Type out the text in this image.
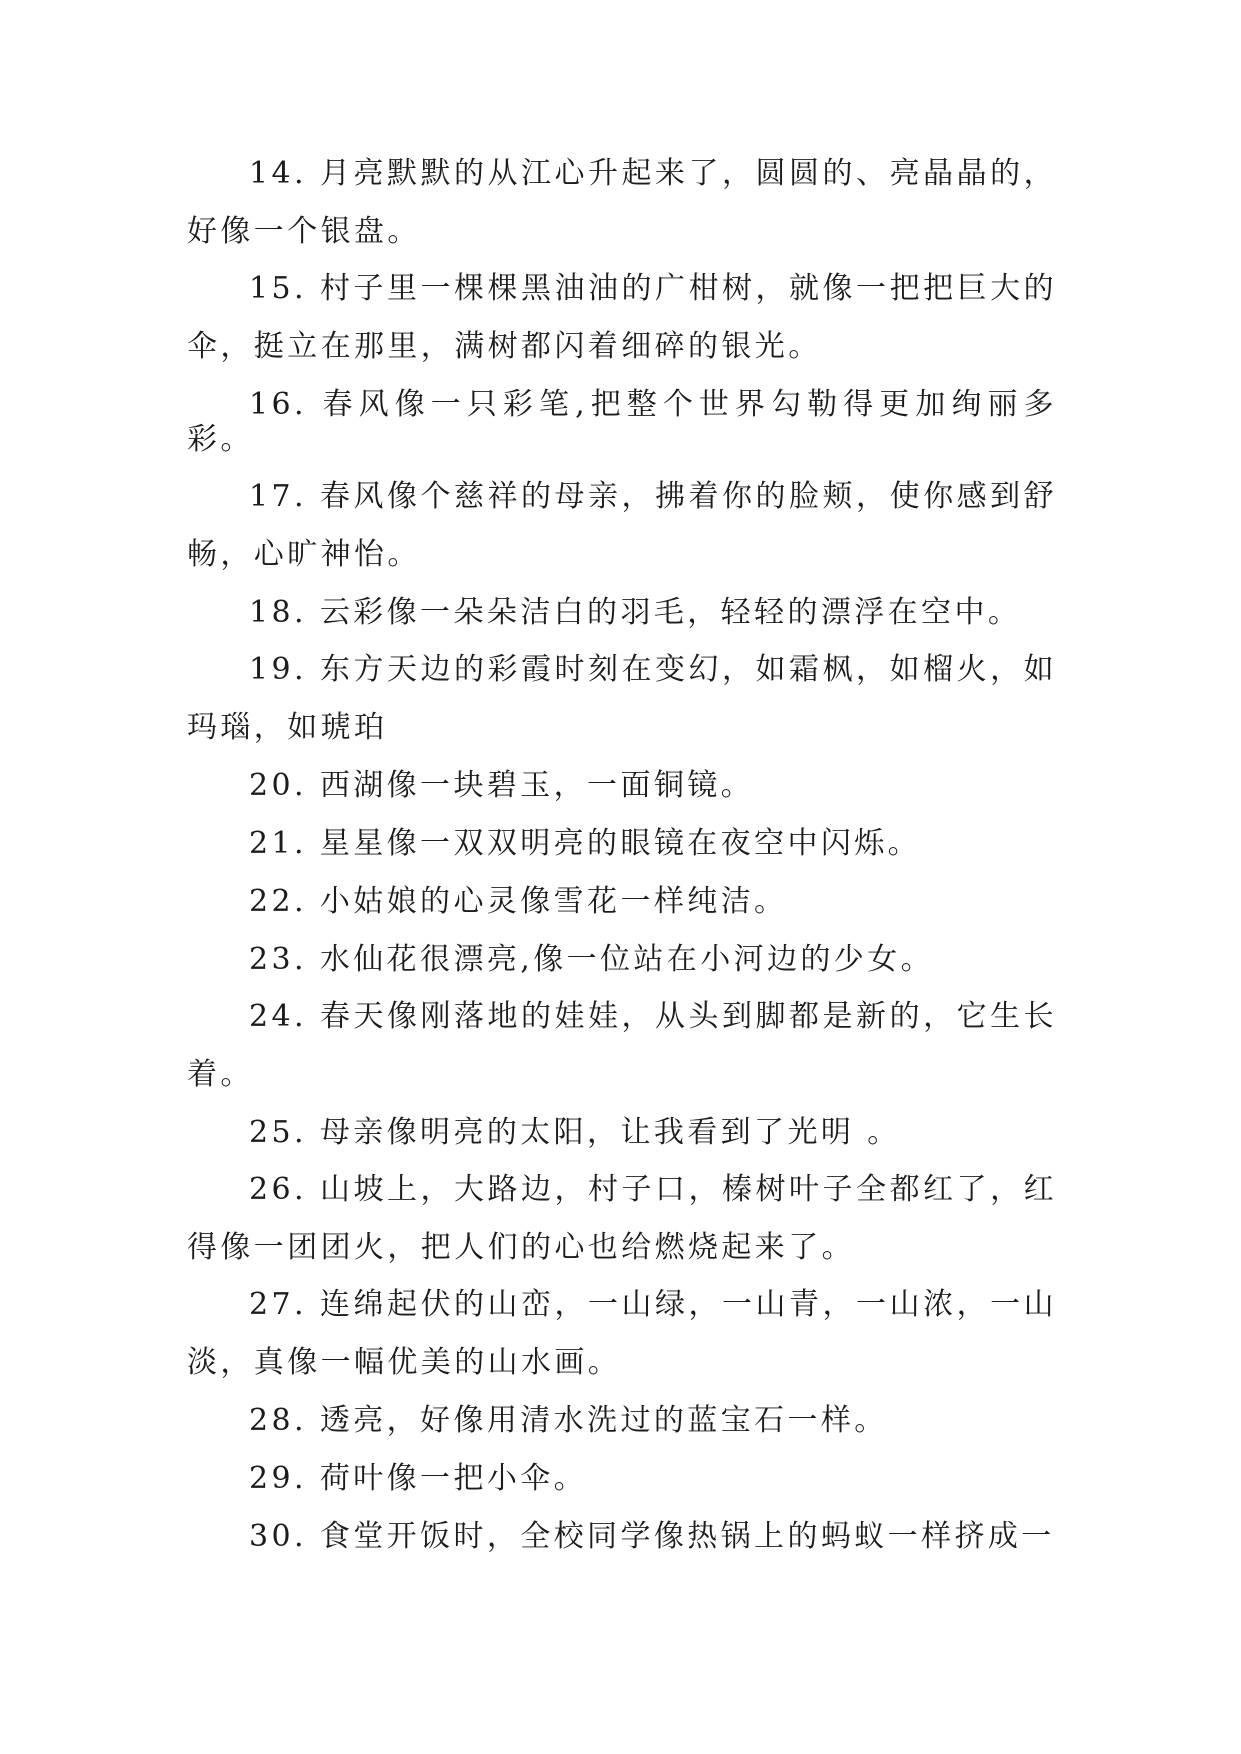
14. 月亮默默的从江心升起来了，圆圆的、亮晶晶的，好像一个银盘。

15. 村子里一棵棵黑油油的广柑树，就像一把把巨大的伞，挺立在那里，满树都闪着细碎的银光。

16. 春风像一只彩笔,把整个世界勾勒得更加绚丽多彩。

17. 春风像个慈祥的母亲，拂着你的脸颊，使你感到舒畅，心旷神怡。

18. 云彩像一朵朵洁白的羽毛，轻轻的漂浮在空中。

19. 东方天边的彩霞时刻在变幻，如霜枫，如榴火，如玛瑙，如琥珀

20. 西湖像一块碧玉，一面铜镜。

21. 星星像一双双明亮的眼镜在夜空中闪烁。

22. 小姑娘的心灵像雪花一样纯洁。

23. 水仙花很漂亮,像一位站在小河边的少女。

24. 春天像刚落地的娃娃，从头到脚都是新的，它生长着。

25. 母亲像明亮的太阳，让我看到了光明 。

26. 山坡上，大路边，村子口，榛树叶子全都红了，红得像一团团火，把人们的心也给燃烧起来了。

27. 连绵起伏的山峦，一山绿，一山青，一山浓，一山淡，真像一幅优美的山水画。

28. 透亮，好像用清水洗过的蓝宝石一样。

29. 荷叶像一把小伞。

30. 食堂开饭时，全校同学像热锅上的蚂蚁一样挤成一
